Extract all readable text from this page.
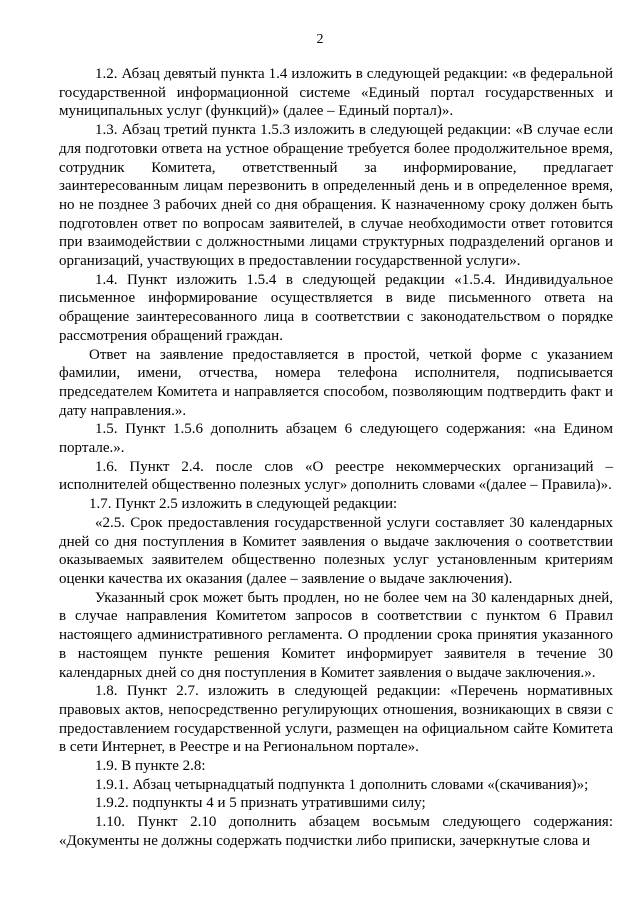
2

1.2. Абзац девятый пункта 1.4 изложить в следующей редакции: «в федеральной государственной информационной системе «Единый портал государственных и муниципальных услуг (функций)» (далее – Единый портал)».

1.3. Абзац третий пункта 1.5.3 изложить в следующей редакции: «В случае если для подготовки ответа на устное обращение требуется более продолжительное время, сотрудник Комитета, ответственный за информирование, предлагает заинтересованным лицам перезвонить в определенный день и в определенное время, но не позднее 3 рабочих дней со дня обращения. К назначенному сроку должен быть подготовлен ответ по вопросам заявителей, в случае необходимости ответ готовится при взаимодействии с должностными лицами структурных подразделений органов и организаций, участвующих в предоставлении государственной услуги».

1.4. Пункт изложить 1.5.4 в следующей редакции «1.5.4. Индивидуальное письменное информирование осуществляется в виде письменного ответа на обращение заинтересованного лица в соответствии с законодательством о порядке рассмотрения обращений граждан.

Ответ на заявление предоставляется в простой, четкой форме с указанием фамилии, имени, отчества, номера телефона исполнителя, подписывается председателем Комитета и направляется способом, позволяющим подтвердить факт и дату направления.».

1.5. Пункт 1.5.6 дополнить абзацем 6 следующего содержания: «на Едином портале.».

1.6. Пункт 2.4. после слов «О реестре некоммерческих организаций – исполнителей общественно полезных услуг» дополнить словами «(далее – Правила)».

1.7. Пункт 2.5 изложить в следующей редакции:

«2.5. Срок предоставления государственной услуги составляет 30 календарных дней со дня поступления в Комитет заявления о выдаче заключения о соответствии оказываемых заявителем общественно полезных услуг установленным критериям оценки качества их оказания (далее – заявление о выдаче заключения).

Указанный срок может быть продлен, но не более чем на 30 календарных дней, в случае направления Комитетом запросов в соответствии с пунктом 6 Правил настоящего административного регламента. О продлении срока принятия указанного в настоящем пункте решения Комитет информирует заявителя в течение 30 календарных дней со дня поступления в Комитет заявления о выдаче заключения.».

1.8. Пункт 2.7. изложить в следующей редакции: «Перечень нормативных правовых актов, непосредственно регулирующих отношения, возникающих в связи с предоставлением государственной услуги, размещен на официальном сайте Комитета в сети Интернет, в Реестре и на Региональном портале».

1.9. В пункте 2.8:

1.9.1. Абзац четырнадцатый подпункта 1 дополнить словами «(скачивания)»;

1.9.2. подпункты 4 и 5 признать утратившими силу;

1.10. Пункт 2.10 дополнить абзацем восьмым следующего содержания: «Документы не должны содержать подчистки либо приписки, зачеркнутые слова и
